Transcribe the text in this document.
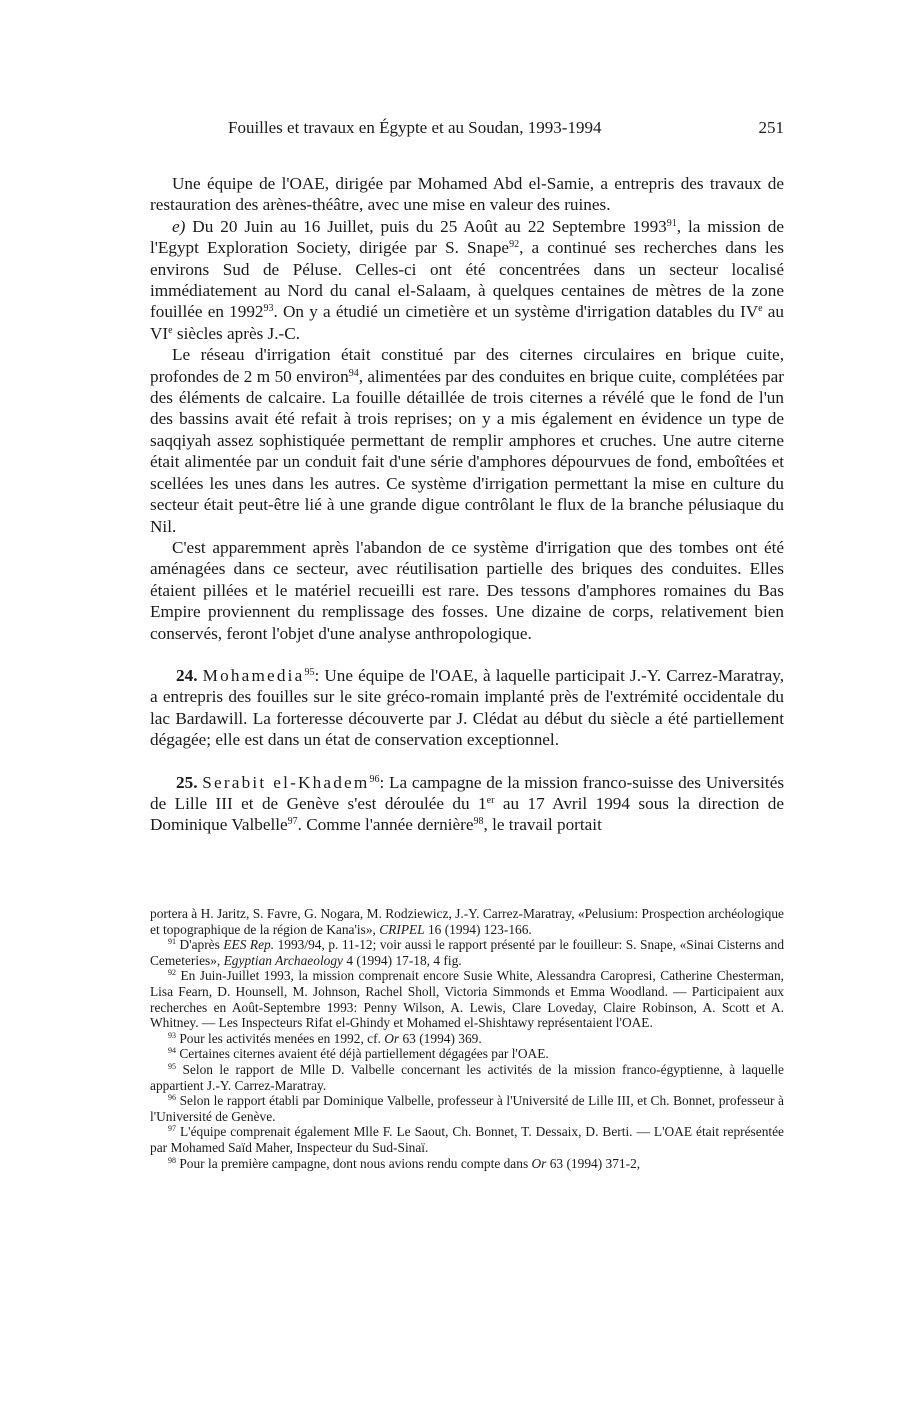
Fouilles et travaux en Égypte et au Soudan, 1993-1994	251

Une équipe de l'OAE, dirigée par Mohamed Abd el-Samie, a entrepris des travaux de restauration des arènes-théâtre, avec une mise en valeur des ruines.

e) Du 20 Juin au 16 Juillet, puis du 25 Août au 22 Septembre 1993$^{91}$, la mission de l'Egypt Exploration Society, dirigée par S. Snape$^{92}$, a continué ses recherches dans les environs Sud de Péluse. Celles-ci ont été concentrées dans un secteur localisé immédiatement au Nord du canal el-Salaam, à quelques centaines de mètres de la zone fouillée en 1992$^{93}$. On y a étudié un cimetière et un système d'irrigation datables du IVe au VIe siècles après J.-C.

Le réseau d'irrigation était constitué par des citernes circulaires en brique cuite, profondes de 2 m 50 environ$^{94}$, alimentées par des conduites en brique cuite, complétées par des éléments de calcaire. La fouille détaillée de trois citernes a révélé que le fond de l'un des bassins avait été refait à trois reprises; on y a mis également en évidence un type de saqqiyah assez sophistiquée permettant de remplir amphores et cruches. Une autre citerne était alimentée par un conduit fait d'une série d'amphores dépourvues de fond, emboîtées et scellées les unes dans les autres. Ce système d'irrigation permettant la mise en culture du secteur était peut-être lié à une grande digue contrôlant le flux de la branche pélusiaque du Nil.

C'est apparemment après l'abandon de ce système d'irrigation que des tombes ont été aménagées dans ce secteur, avec réutilisation partielle des briques des conduites. Elles étaient pillées et le matériel recueilli est rare. Des tessons d'amphores romaines du Bas Empire proviennent du remplissage des fosses. Une dizaine de corps, relativement bien conservés, feront l'objet d'une analyse anthropologique.

24. Mohamedia$^{95}$: Une équipe de l'OAE, à laquelle participait J.-Y. Carrez-Maratray, a entrepris des fouilles sur le site gréco-romain implanté près de l'extrémité occidentale du lac Bardawill. La forteresse découverte par J. Clédat au début du siècle a été partiellement dégagée; elle est dans un état de conservation exceptionnel.

25. Serabit el-Khadem$^{96}$: La campagne de la mission franco-suisse des Universités de Lille III et de Genève s'est déroulée du 1er au 17 Avril 1994 sous la direction de Dominique Valbelle$^{97}$. Comme l'année dernière$^{98}$, le travail portait

portera à H. Jaritz, S. Favre, G. Nogara, M. Rodziewicz, J.-Y. Carrez-Maratray, «Pelusium: Prospection archéologique et topographique de la région de Kana'is», CRIPEL 16 (1994) 123-166.

$^{91}$ D'après EES Rep. 1993/94, p. 11-12; voir aussi le rapport présenté par le fouilleur: S. Snape, «Sinai Cisterns and Cemeteries», Egyptian Archaeology 4 (1994) 17-18, 4 fig.

$^{92}$ En Juin-Juillet 1993, la mission comprenait encore Susie White, Alessandra Caropresi, Catherine Chesterman, Lisa Fearn, D. Hounsell, M. Johnson, Rachel Sholl, Victoria Simmonds et Emma Woodland. — Participaient aux recherches en Août-Septembre 1993: Penny Wilson, A. Lewis, Clare Loveday, Claire Robinson, A. Scott et A. Whitney. — Les Inspecteurs Rifat el-Ghindy et Mohamed el-Shishtawy représentaient l'OAE.

$^{93}$ Pour les activités menées en 1992, cf. Or 63 (1994) 369.

$^{94}$ Certaines citernes avaient été déjà partiellement dégagées par l'OAE.

$^{95}$ Selon le rapport de Mlle D. Valbelle concernant les activités de la mission franco-égyptienne, à laquelle appartient J.-Y. Carrez-Maratray.

$^{96}$ Selon le rapport établi par Dominique Valbelle, professeur à l'Université de Lille III, et Ch. Bonnet, professeur à l'Université de Genève.

$^{97}$ L'équipe comprenait également Mlle F. Le Saout, Ch. Bonnet, T. Dessaix, D. Berti. — L'OAE était représentée par Mohamed Saïd Maher, Inspecteur du Sud-Sinaï.

$^{98}$ Pour la première campagne, dont nous avions rendu compte dans Or 63 (1994) 371-2,
